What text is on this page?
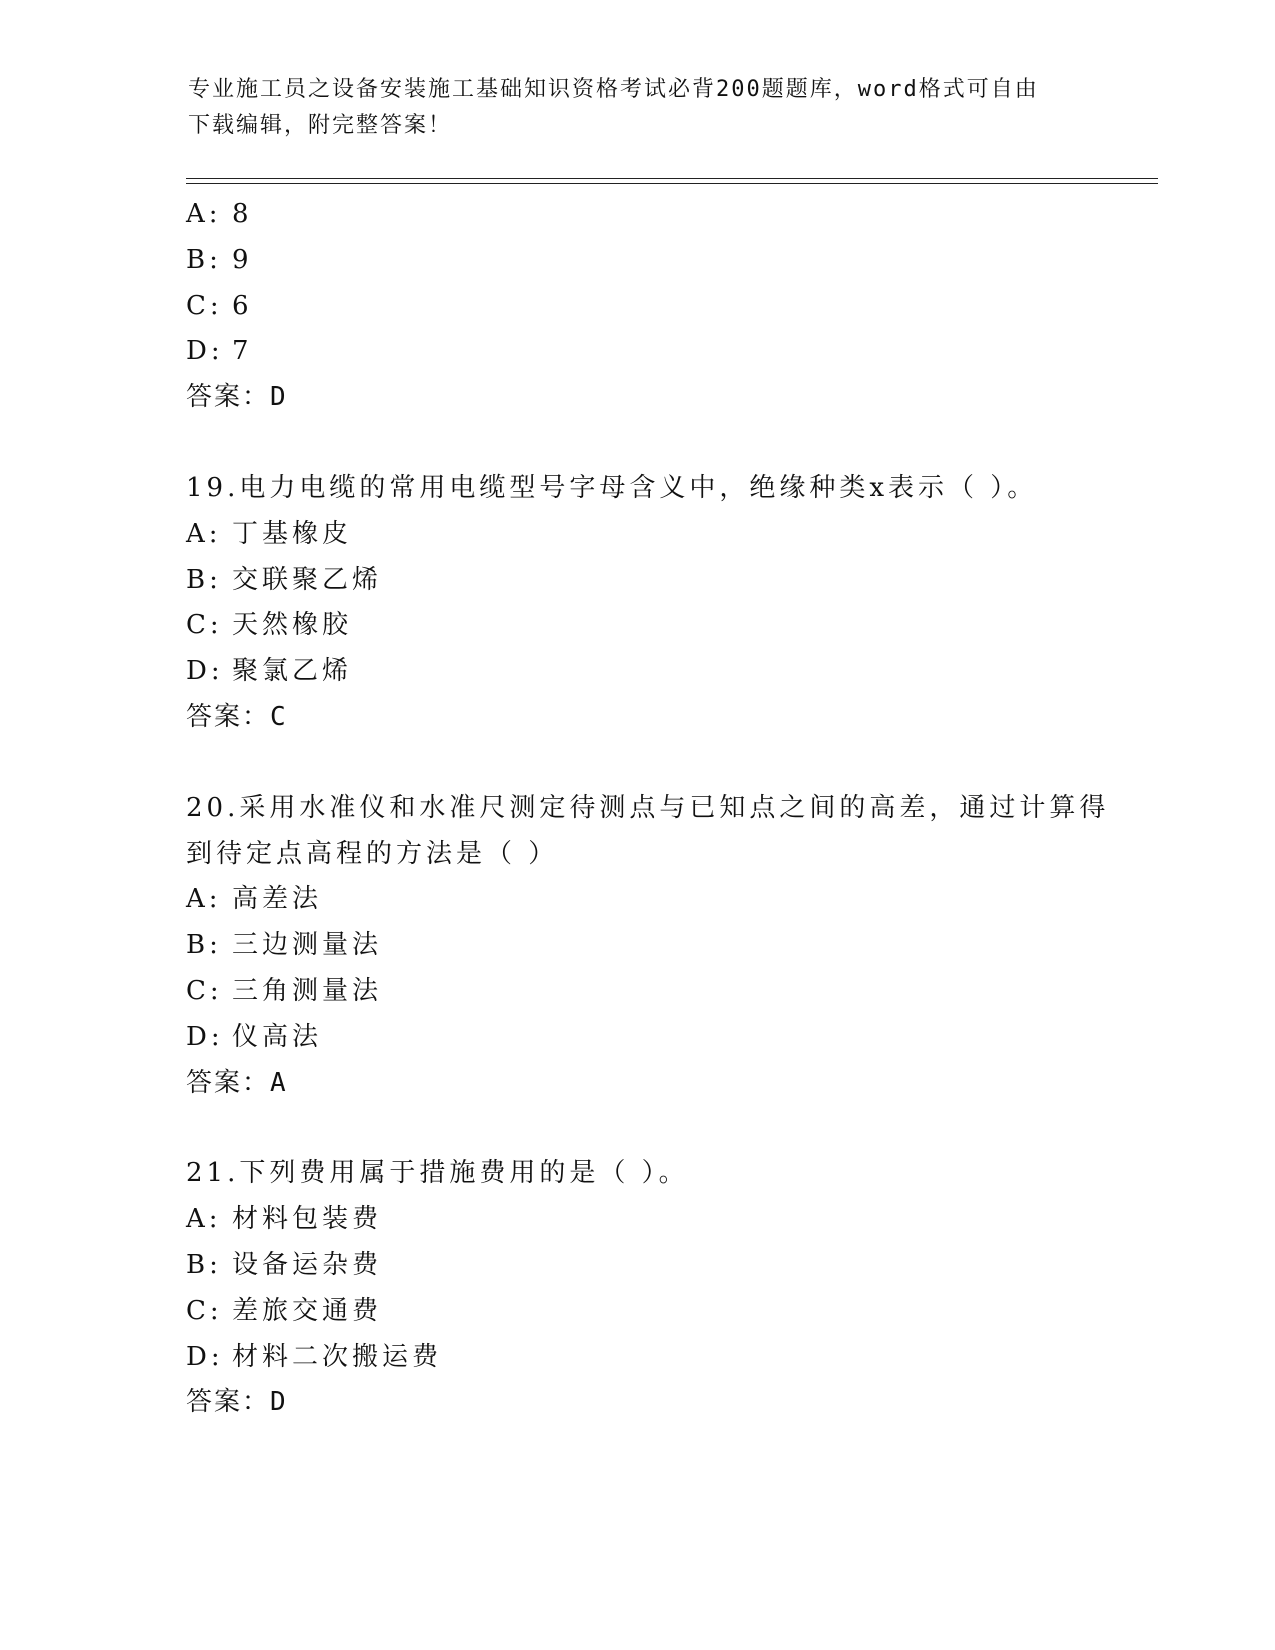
专业施工员之设备安装施工基础知识资格考试必背200题题库，word格式可自由
下载编辑，附完整答案！
A: 8
B: 9
C: 6
D: 7
答案：D
19.电力电缆的常用电缆型号字母含义中，绝缘种类x表示（ ）。
A: 丁基橡皮
B: 交联聚乙烯
C: 天然橡胶
D: 聚氯乙烯
答案：C
20.采用水准仪和水准尺测定待测点与已知点之间的高差，通过计算得
到待定点高程的方法是（ ）
A: 高差法
B: 三边测量法
C: 三角测量法
D: 仪高法
答案：A
21.下列费用属于措施费用的是（ ）。
A: 材料包装费
B: 设备运杂费
C: 差旅交通费
D: 材料二次搬运费
答案：D
